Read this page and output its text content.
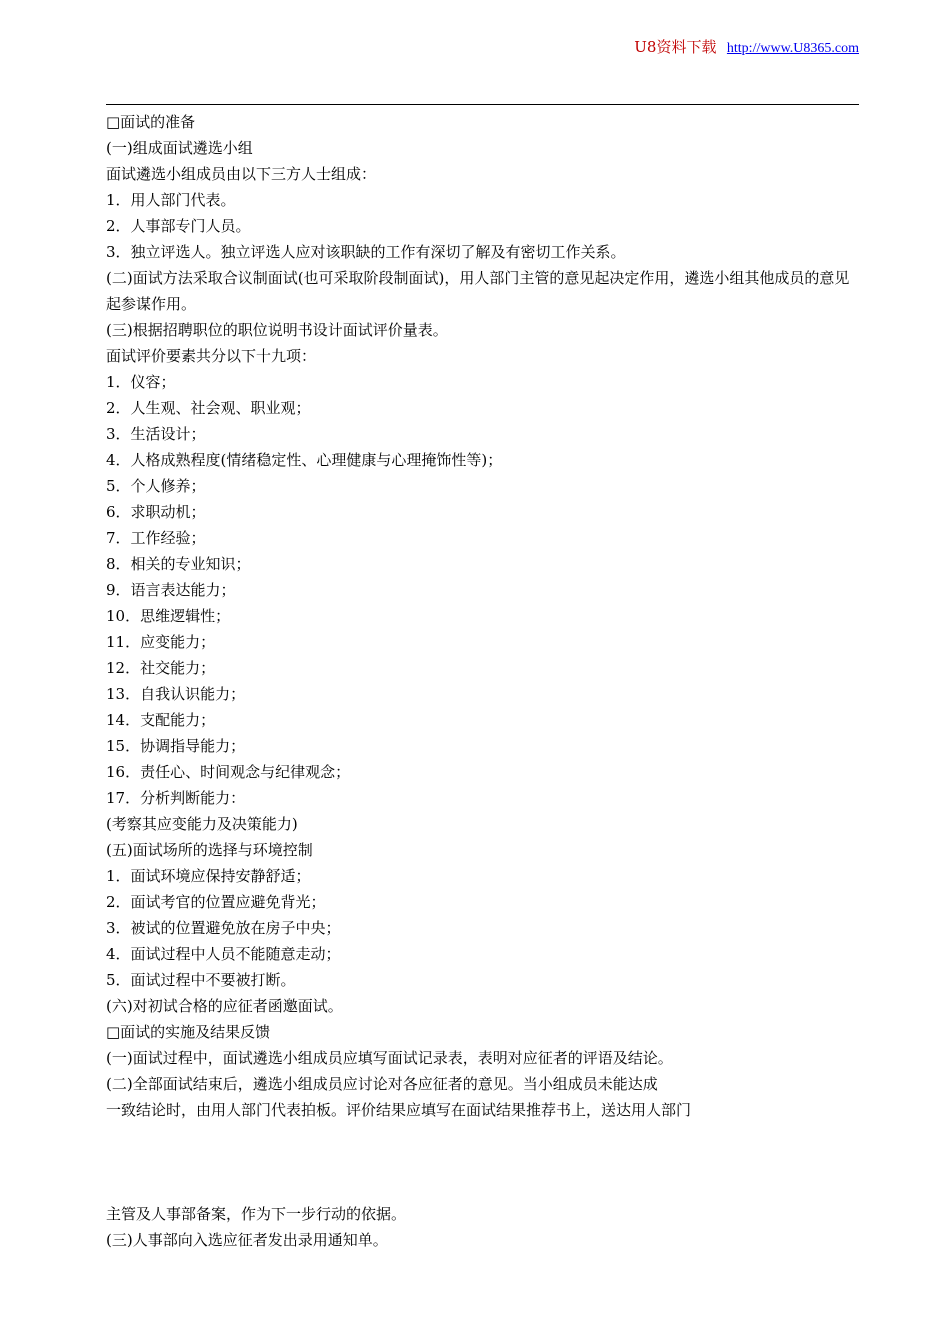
U8资料下载 http://www.U8365.com
□面试的准备
(一)组成面试遴选小组
面试遴选小组成员由以下三方人士组成：
1．用人部门代表。
2．人事部专门人员。
3．独立评选人。独立评选人应对该职缺的工作有深切了解及有密切工作关系。
(二)面试方法采取合议制面试(也可采取阶段制面试)，用人部门主管的意见起决定作用，遴选小组其他成员的意见起参谋作用。
(三)根据招聘职位的职位说明书设计面试评价量表。
面试评价要素共分以下十九项：
1．仪容；
2．人生观、社会观、职业观；
3．生活设计；
4．人格成熟程度(情绪稳定性、心理健康与心理掩饰性等)；
5．个人修养；
6．求职动机；
7．工作经验；
8．相关的专业知识；
9．语言表达能力；
10．思维逻辑性；
11．应变能力；
12．社交能力；
13．自我认识能力；
14．支配能力；
15．协调指导能力；
16．责任心、时间观念与纪律观念；
17．分析判断能力：
(考察其应变能力及决策能力)
(五)面试场所的选择与环境控制
1．面试环境应保持安静舒适；
2．面试考官的位置应避免背光；
3．被试的位置避免放在房子中央；
4．面试过程中人员不能随意走动；
5．面试过程中不要被打断。
(六)对初试合格的应征者函邀面试。
□面试的实施及结果反馈
(一)面试过程中，面试遴选小组成员应填写面试记录表，表明对应征者的评语及结论。
(二)全部面试结束后，遴选小组成员应讨论对各应征者的意见。当小组成员未能达成
一致结论时，由用人部门代表拍板。评价结果应填写在面试结果推荐书上，送达用人部门
主管及人事部备案，作为下一步行动的依据。
(三)人事部向入选应征者发出录用通知单。
